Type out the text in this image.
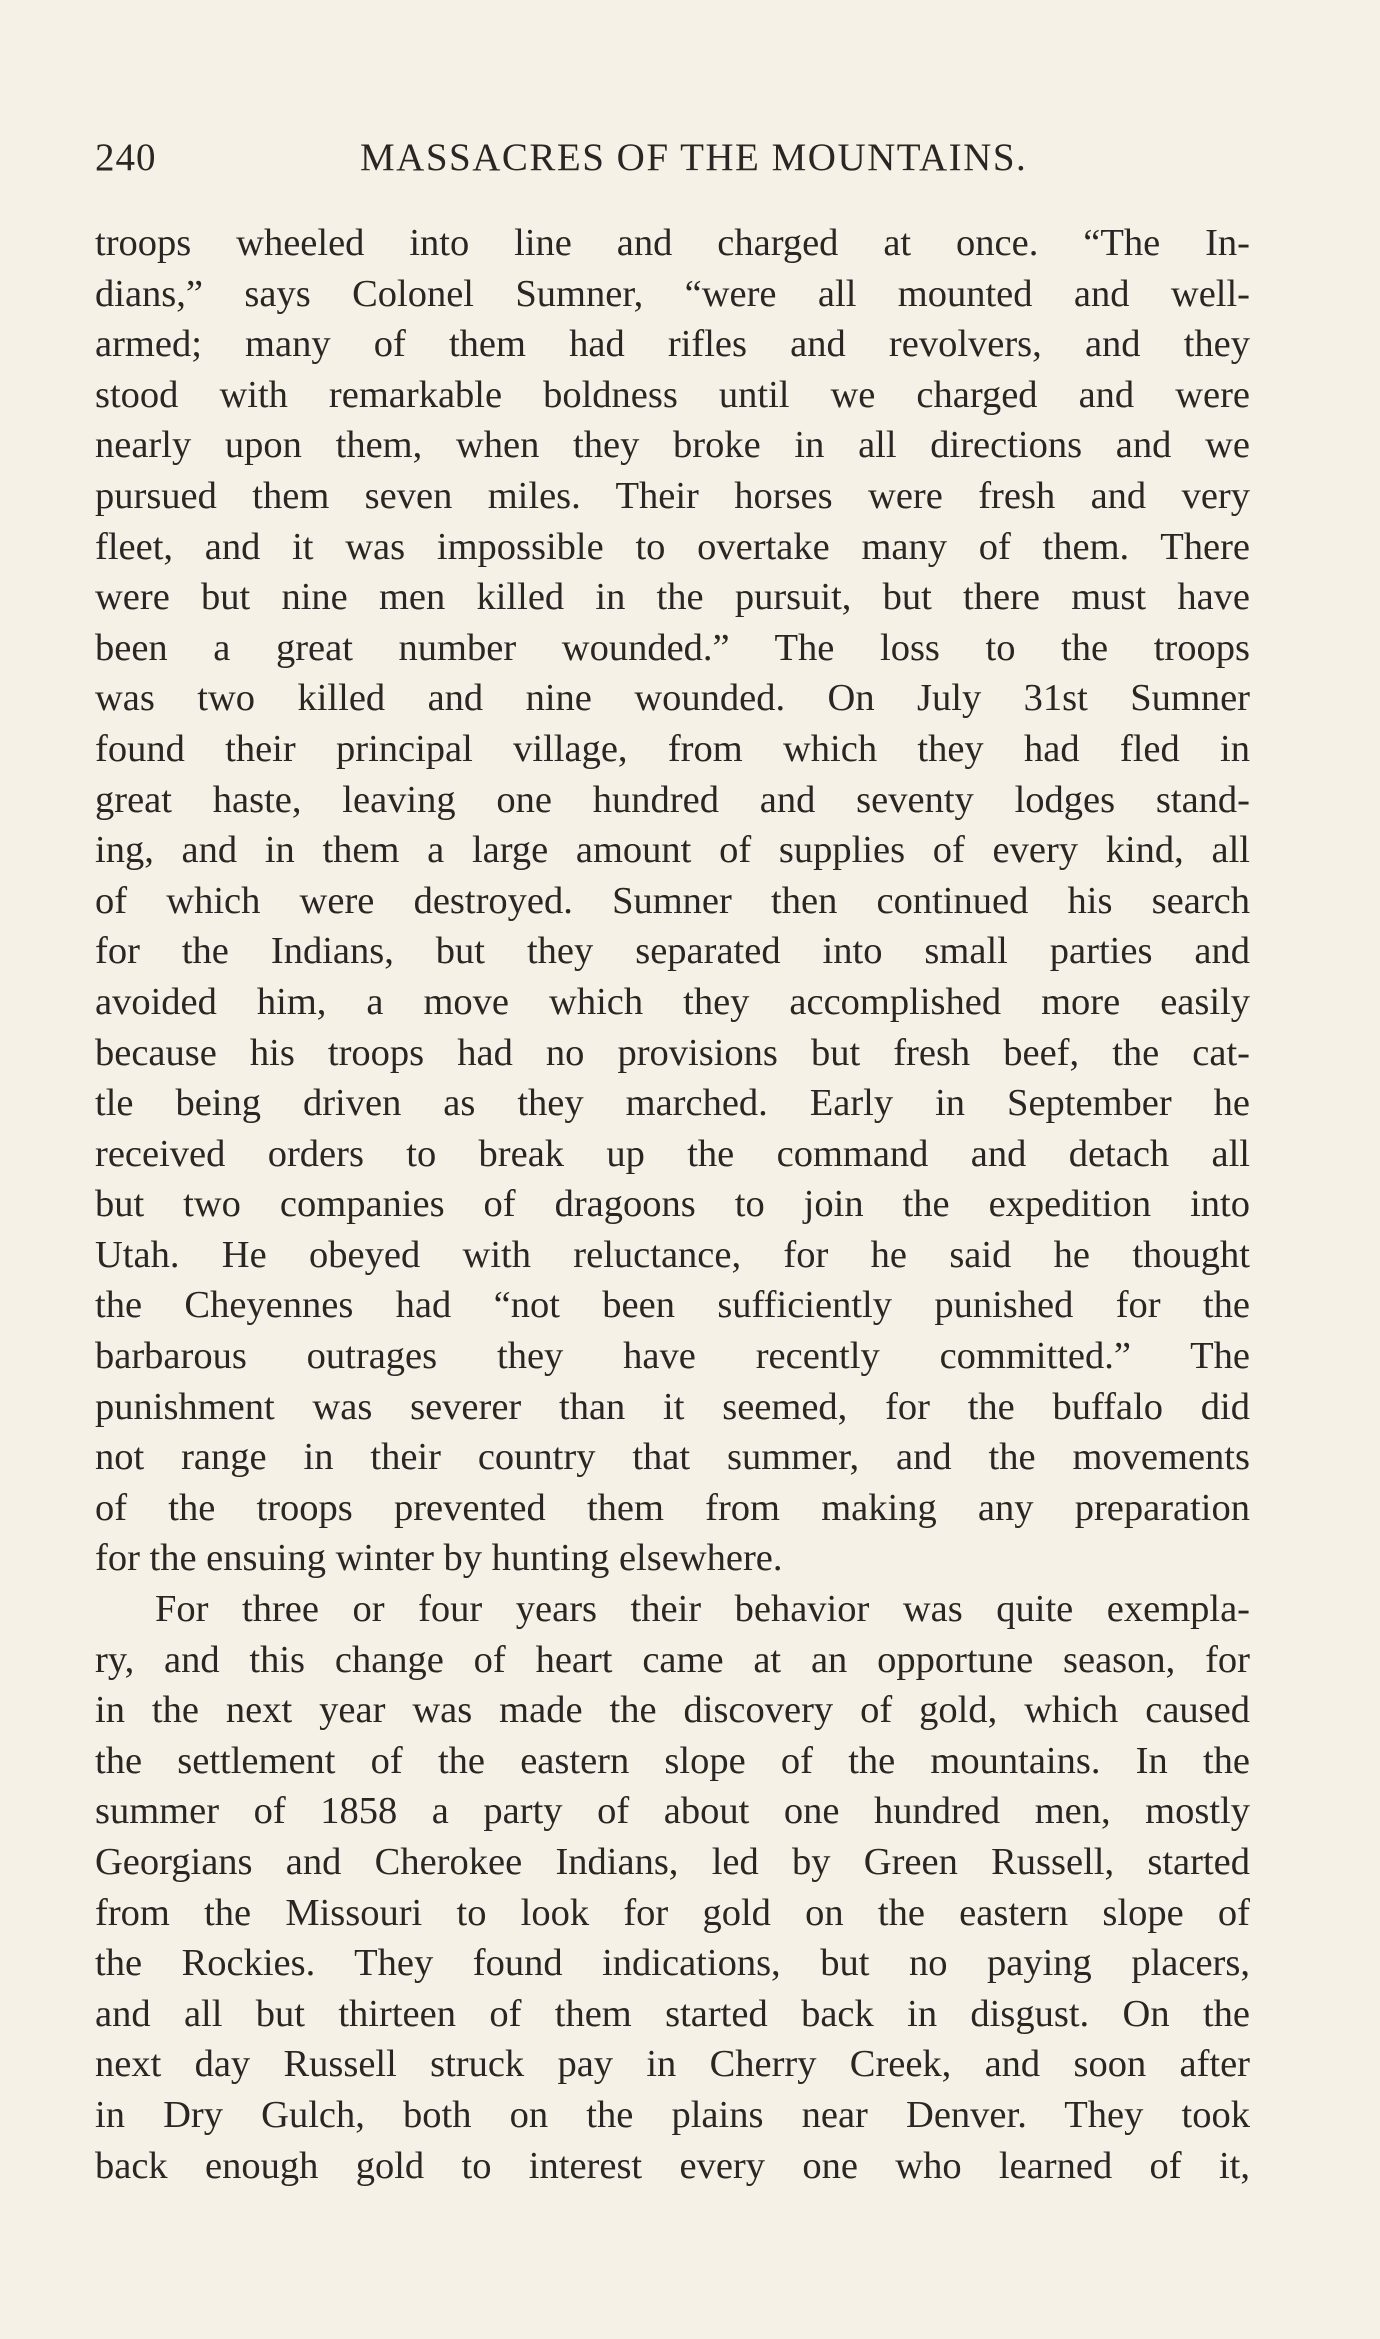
240	MASSACRES OF THE MOUNTAINS.
troops wheeled into line and charged at once. “The In-
dians,” says Colonel Sumner, “were all mounted and well-
armed; many of them had rifles and revolvers, and they
stood with remarkable boldness until we charged and were
nearly upon them, when they broke in all directions and we
pursued them seven miles. Their horses were fresh and very
fleet, and it was impossible to overtake many of them. There
were but nine men killed in the pursuit, but there must have
been a great number wounded.” The loss to the troops
was two killed and nine wounded. On July 31st Sumner
found their principal village, from which they had fled in
great haste, leaving one hundred and seventy lodges stand-
ing, and in them a large amount of supplies of every kind, all
of which were destroyed. Sumner then continued his search
for the Indians, but they separated into small parties and
avoided him, a move which they accomplished more easily
because his troops had no provisions but fresh beef, the cat-
tle being driven as they marched. Early in September he
received orders to break up the command and detach all
but two companies of dragoons to join the expedition into
Utah. He obeyed with reluctance, for he said he thought
the Cheyennes had “not been sufficiently punished for the
barbarous outrages they have recently committed.” The
punishment was severer than it seemed, for the buffalo did
not range in their country that summer, and the movements
of the troops prevented them from making any preparation
for the ensuing winter by hunting elsewhere.
For three or four years their behavior was quite exempla-
ry, and this change of heart came at an opportune season, for
in the next year was made the discovery of gold, which caused
the settlement of the eastern slope of the mountains. In the
summer of 1858 a party of about one hundred men, mostly
Georgians and Cherokee Indians, led by Green Russell, started
from the Missouri to look for gold on the eastern slope of
the Rockies. They found indications, but no paying placers,
and all but thirteen of them started back in disgust. On the
next day Russell struck pay in Cherry Creek, and soon after
in Dry Gulch, both on the plains near Denver. They took
back enough gold to interest every one who learned of it,
